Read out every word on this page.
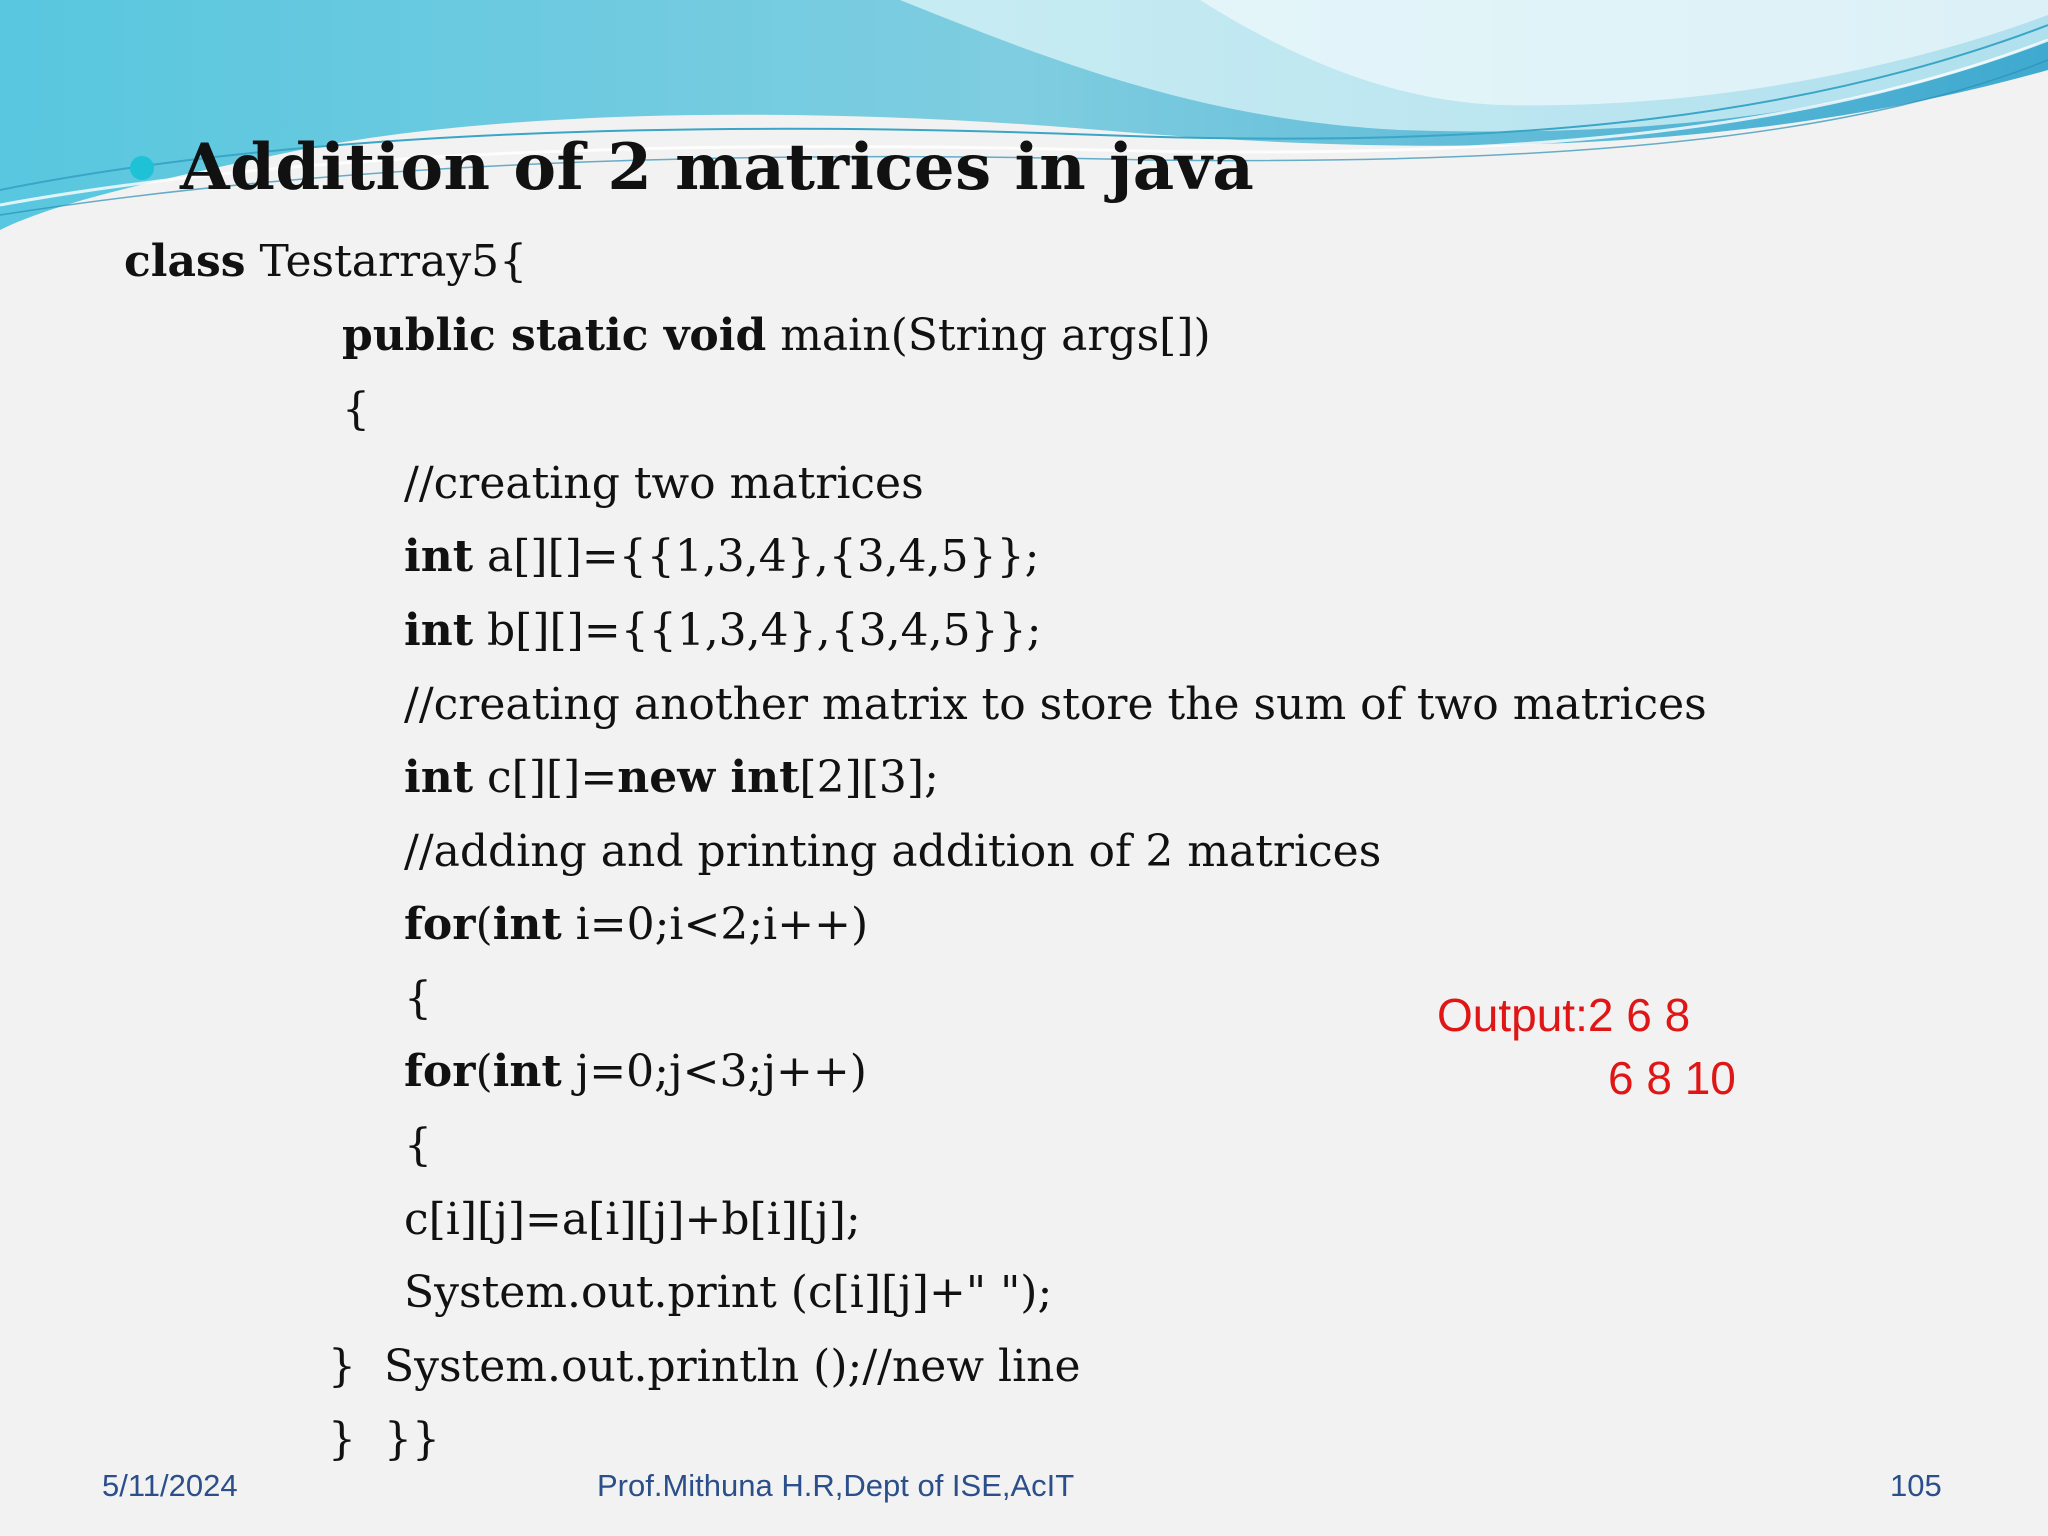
Addition of 2 matrices in java
class Testarray5{
public static void main(String args[])
{
//creating two matrices
int a[][]={{1,3,4},{3,4,5}};
int b[][]={{1,3,4},{3,4,5}};
//creating another matrix to store the sum of two matrices
int c[][]=new int[2][3];
//adding and printing addition of 2 matrices
for(int i=0;i<2;i++)
{
for(int j=0;j<3;j++)
{
c[i][j]=a[i][j]+b[i][j];
System.out.print (c[i][j]+" ");
}  System.out.println ();//new line
}  }}
Output:2 6 8
6 8 10
5/11/2024	Prof.Mithuna H.R,Dept of ISE,AcIT	105
